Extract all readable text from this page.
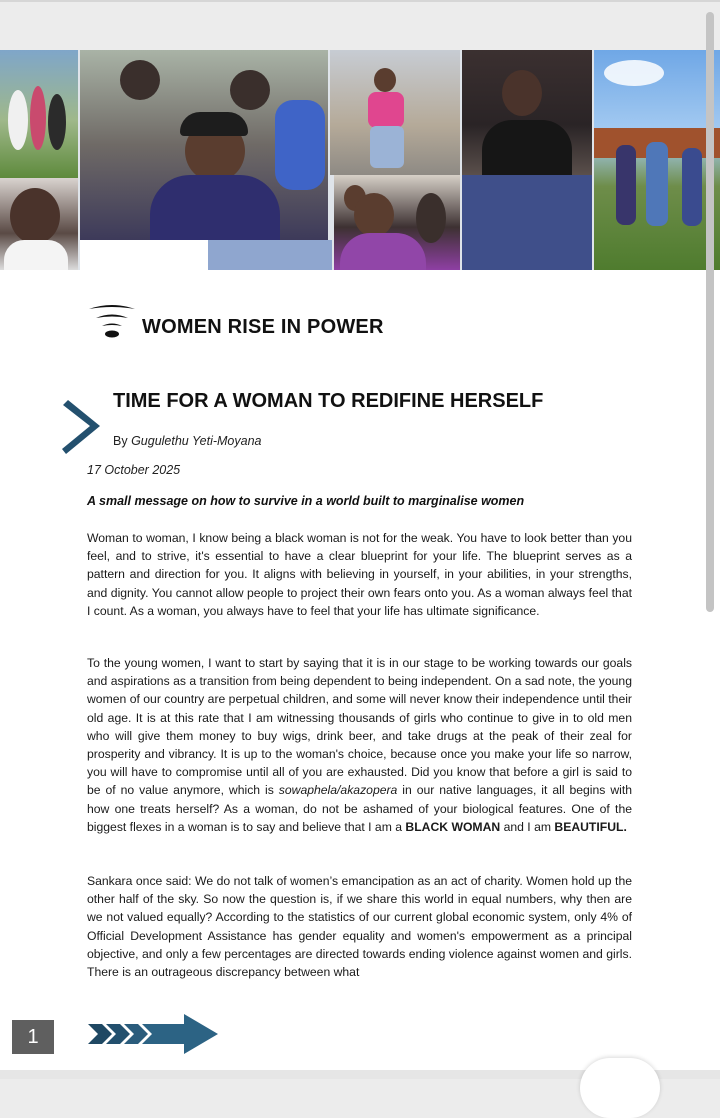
WOMEN RISE IN POWER
TIME FOR A WOMAN TO REDIFINE HERSELF
By Gugulethu Yeti-Moyana
17 October 2025
A small message on how to survive in a world built to marginalise women
Woman to woman, I know being a black woman is not for the weak. You have to look better than you feel, and to strive, it's essential to have a clear blueprint for your life. The blueprint serves as a pattern and direction for you. It aligns with believing in yourself, in your abilities, in your strengths, and dignity. You cannot allow people to project their own fears onto you. As a woman always feel that I count. As a woman, you always have to feel that your life has ultimate significance.
To the young women, I want to start by saying that it is in our stage to be working towards our goals and aspirations as a transition from being dependent to being independent. On a sad note, the young women of our country are perpetual children, and some will never know their independence until their old age. It is at this rate that I am witnessing thousands of girls who continue to give in to old men who will give them money to buy wigs, drink beer, and take drugs at the peak of their zeal for prosperity and vibrancy. It is up to the woman's choice, because once you make your life so narrow, you will have to compromise until all of you are exhausted. Did you know that before a girl is said to be of no value anymore, which is sowaphela/akazopera in our native languages, it all begins with how one treats herself? As a woman, do not be ashamed of your biological features. One of the biggest flexes in a woman is to say and believe that I am a BLACK WOMAN and I am BEAUTIFUL.
Sankara once said: We do not talk of women’s emancipation as an act of charity. Women hold up the other half of the sky. So now the question is, if we share this world in equal numbers, why then are we not valued equally? According to the statistics of our current global economic system, only 4% of Official Development Assistance has gender equality and women's empowerment as a principal objective, and only a few percentages are directed towards ending violence against women and girls. There is an outrageous discrepancy between what
1
